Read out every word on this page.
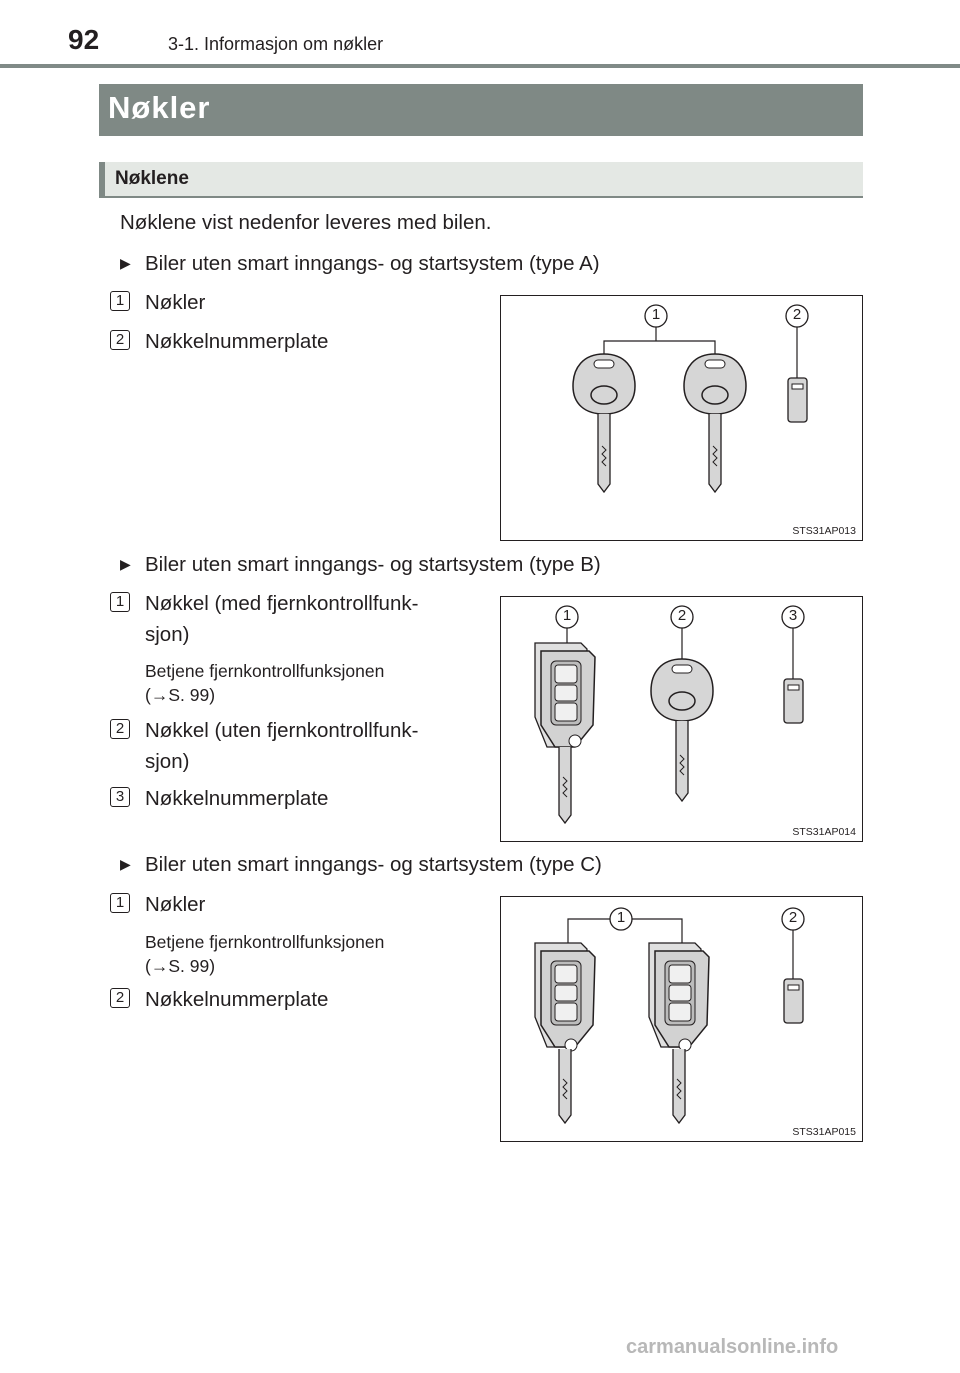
92	3-1. Informasjon om nøkler
Nøkler
Nøklene
Nøklene vist nedenfor leveres med bilen.
▶ Biler uten smart inngangs- og startsystem (type A)
1 Nøkler
2 Nøkkelnummerplate
1	2
STS31AP013
▶ Biler uten smart inngangs- og startsystem (type B)
1 Nøkkel (med fjernkontrollfunk-
sjon)
Betjene fjernkontrollfunksjonen
(→S. 99)
2 Nøkkel (uten fjernkontrollfunk-
sjon)
3 Nøkkelnummerplate
1	2	3
STS31AP014
▶ Biler uten smart inngangs- og startsystem (type C)
1 Nøkler
Betjene fjernkontrollfunksjonen
(→S. 99)
2 Nøkkelnummerplate
1	2
STS31AP015
carmanualsonline.info
